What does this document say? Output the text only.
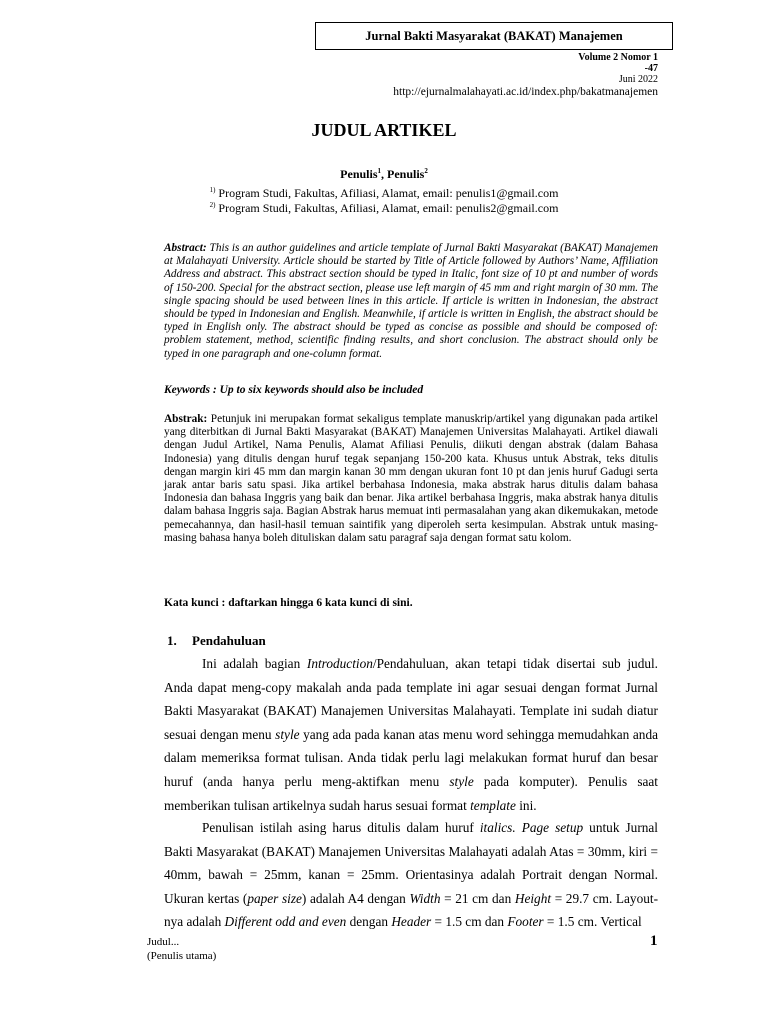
Jurnal Bakti Masyarakat (BAKAT) Manajemen
Volume 2 Nomor 1
-47
Juni 2022
http://ejurnalmalahayati.ac.id/index.php/bakatmanajemen
JUDUL ARTIKEL
Penulis$^1$, Penulis$^2$
$^{1)}$ Program Studi, Fakultas, Afiliasi, Alamat, email: penulis1@gmail.com
$^{2)}$ Program Studi, Fakultas, Afiliasi, Alamat, email: penulis2@gmail.com
Abstract: This is an author guidelines and article template of Jurnal Bakti Masyarakat (BAKAT) Manajemen at Malahayati University. Article should be started by Title of Article followed by Authors’ Name, Affiliation Address and abstract. This abstract section should be typed in Italic, font size of 10 pt and number of words of 150-200. Special for the abstract section, please use left margin of 45 mm and right margin of 30 mm. The single spacing should be used between lines in this article. If article is written in Indonesian, the abstract should be typed in Indonesian and English. Meanwhile, if article is written in English, the abstract should be typed in English only. The abstract should be typed as concise as possible and should be composed of: problem statement, method, scientific finding results, and short conclusion. The abstract should only be typed in one paragraph and one-column format.
Keywords : Up to six keywords should also be included
Abstrak: Petunjuk ini merupakan format sekaligus template manuskrip/artikel yang digunakan pada artikel yang diterbitkan di Jurnal Bakti Masyarakat (BAKAT) Manajemen Universitas Malahayati. Artikel diawali dengan Judul Artikel, Nama Penulis, Alamat Afiliasi Penulis, diikuti dengan abstrak (dalam Bahasa Indonesia) yang ditulis dengan huruf tegak sepanjang 150-200 kata. Khusus untuk Abstrak, teks ditulis dengan margin kiri 45 mm dan margin kanan 30 mm dengan ukuran font 10 pt dan jenis huruf Gadugi serta jarak antar baris satu spasi. Jika artikel berbahasa Indonesia, maka abstrak harus ditulis dalam bahasa Indonesia dan bahasa Inggris yang baik dan benar. Jika artikel berbahasa Inggris, maka abstrak hanya ditulis dalam bahasa Inggris saja. Bagian Abstrak harus memuat inti permasalahan yang akan dikemukakan, metode pemecahannya, dan hasil-hasil temuan saintifik yang diperoleh serta kesimpulan. Abstrak untuk masing-masing bahasa hanya boleh dituliskan dalam satu paragraf saja dengan format satu kolom.
Kata kunci : daftarkan hingga 6 kata kunci di sini.
1. Pendahuluan

Ini adalah bagian Introduction/Pendahuluan, akan tetapi tidak disertai sub judul. Anda dapat meng-copy makalah anda pada template ini agar sesuai dengan format Jurnal Bakti Masyarakat (BAKAT) Manajemen Universitas Malahayati. Template ini sudah diatur sesuai dengan menu style yang ada pada kanan atas menu word sehingga memudahkan anda dalam memeriksa format tulisan. Anda tidak perlu lagi melakukan format huruf dan besar huruf (anda hanya perlu meng-aktifkan menu style pada komputer). Penulis saat memberikan tulisan artikelnya sudah harus sesuai format template ini.

Penulisan istilah asing harus ditulis dalam huruf italics. Page setup untuk Jurnal Bakti Masyarakat (BAKAT) Manajemen Universitas Malahayati adalah Atas = 30mm, kiri = 40mm, bawah = 25mm, kanan = 25mm. Orientasinya adalah Portrait dengan Normal. Ukuran kertas (paper size) adalah A4 dengan Width = 21 cm dan Height = 29.7 cm. Layout-nya adalah Different odd and even dengan Header = 1.5 cm dan Footer = 1.5 cm. Vertical

Judul...
(Penulis utama)
1
